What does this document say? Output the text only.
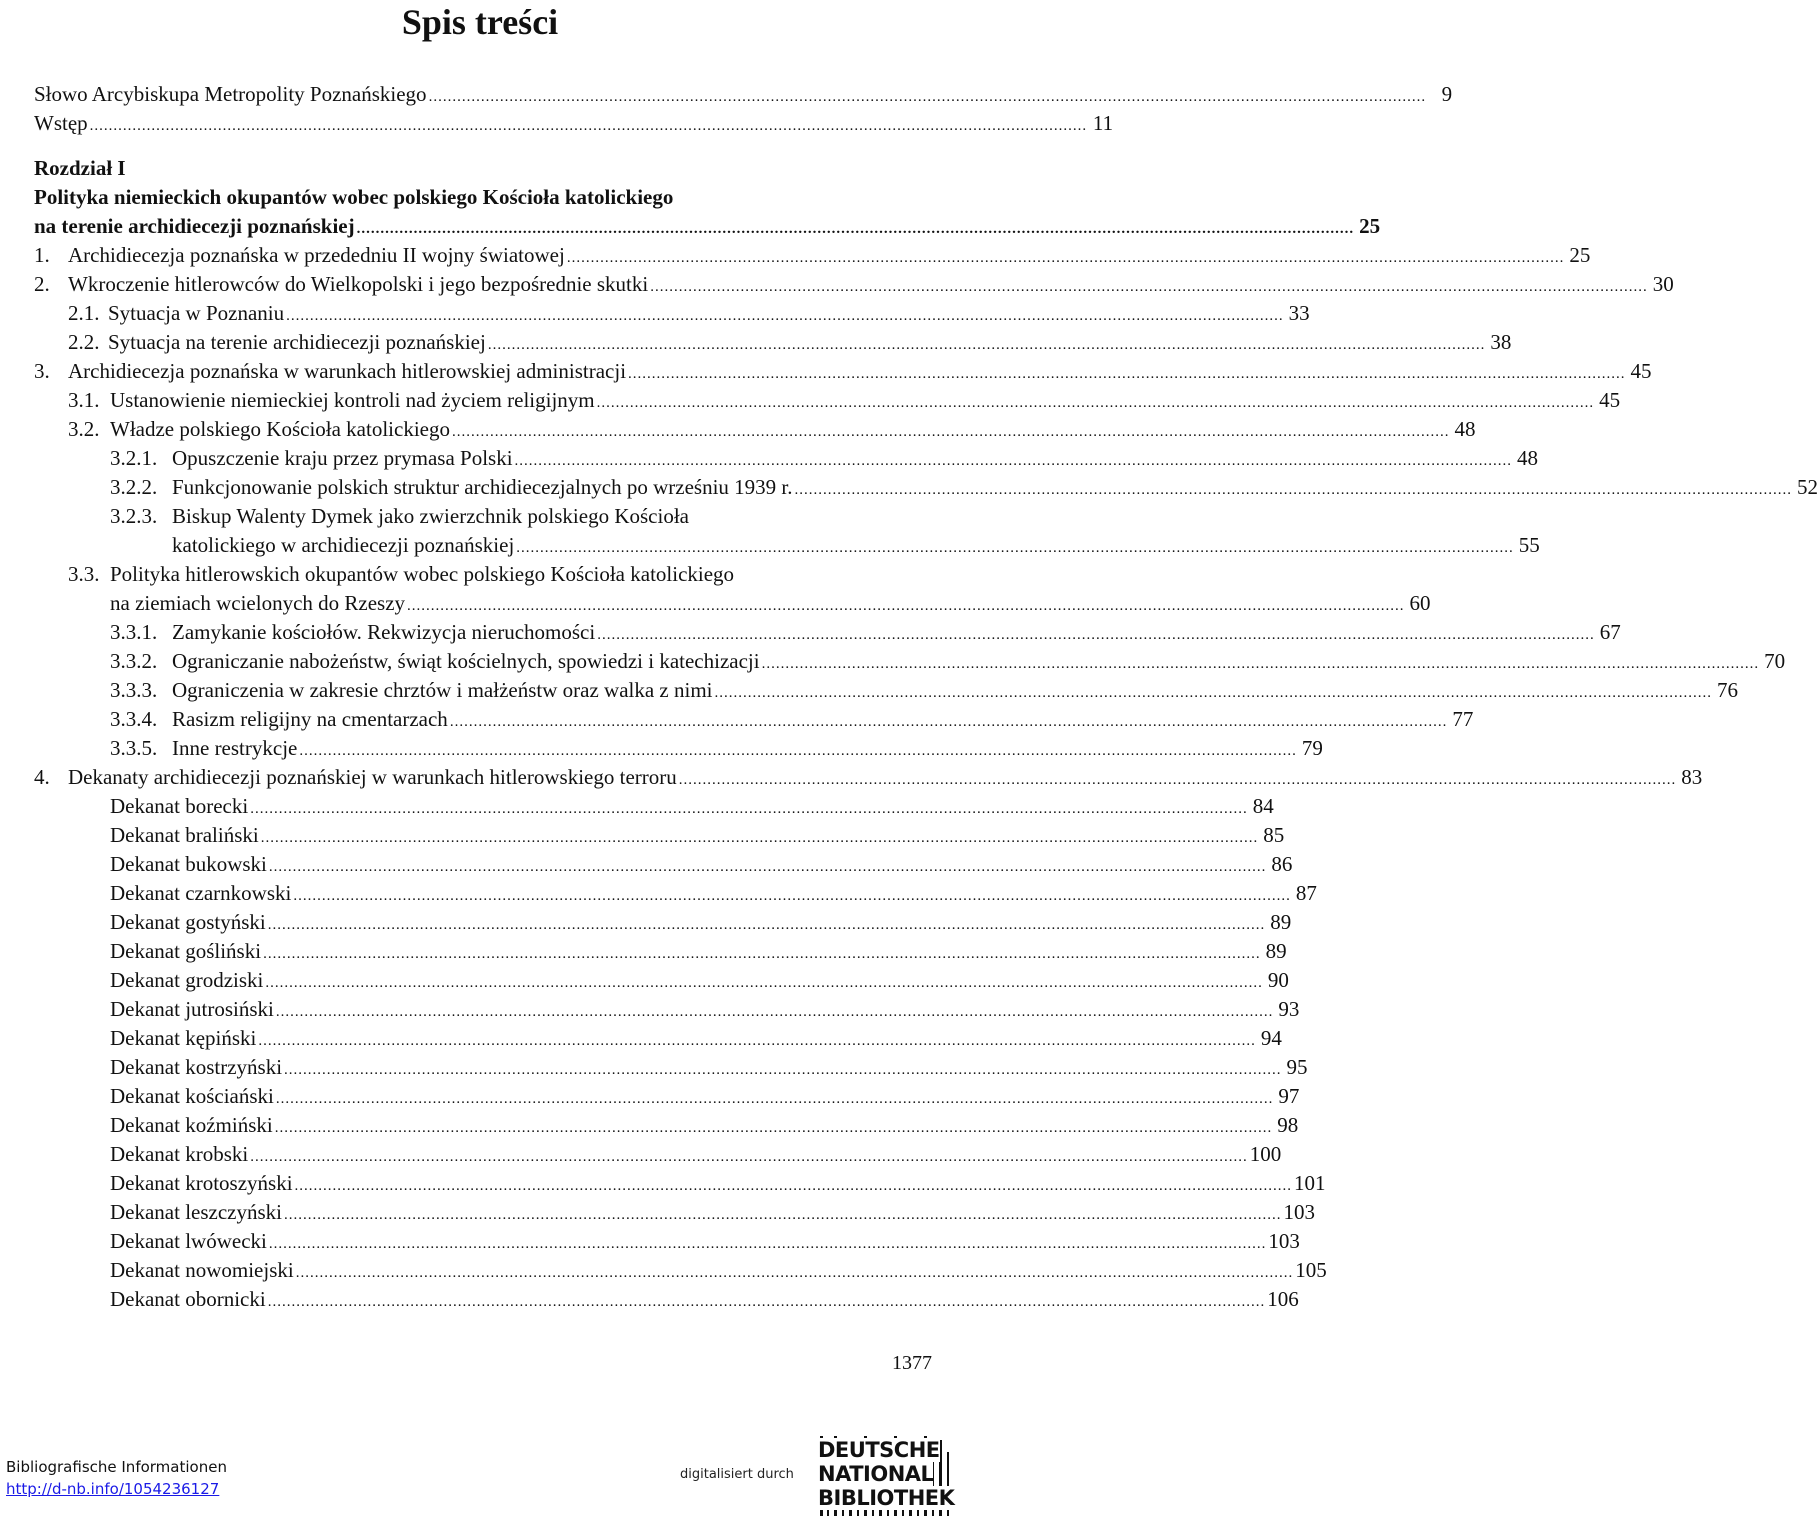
Spis treści
Słowo Arcybiskupa Metropolity Poznańskiego .....	9
Wstęp .....	11
Rozdział I
Polityka niemieckich okupantów wobec polskiego Kościoła katolickiego
na terenie archidiecezji poznańskiej .....	25
1. Archidiecezja poznańska w przededniu II wojny światowej .....	25
2. Wkroczenie hitlerowców do Wielkopolski i jego bezpośrednie skutki .....	30
2.1. Sytuacja w Poznaniu .....	33
2.2. Sytuacja na terenie archidiecezji poznańskiej .....	38
3. Archidiecezja poznańska w warunkach hitlerowskiej administracji .....	45
3.1. Ustanowienie niemieckiej kontroli nad życiem religijnym .....	45
3.2. Władze polskiego Kościoła katolickiego .....	48
3.2.1. Opuszczenie kraju przez prymasa Polski .....	48
3.2.2. Funkcjonowanie polskich struktur archidiecezjalnych po wrześniu 1939 r. .....	52
3.2.3. Biskup Walenty Dymek jako zwierzchnik polskiego Kościoła
katolickiego w archidiecezji poznańskiej .....	55
3.3. Polityka hitlerowskich okupantów wobec polskiego Kościoła katolickiego
na ziemiach wcielonych do Rzeszy .....	60
3.3.1. Zamykanie kościołów. Rekwizycja nieruchomości .....	67
3.3.2. Ograniczanie nabożeństw, świąt kościelnych, spowiedzi i katechizacji .....	70
3.3.3. Ograniczenia w zakresie chrztów i małżeństw oraz walka z nimi .....	76
3.3.4. Rasizm religijny na cmentarzach .....	77
3.3.5. Inne restrykcje .....	79
4. Dekanaty archidiecezji poznańskiej w warunkach hitlerowskiego terroru .....	83
Dekanat borecki .....	84
Dekanat braliński .....	85
Dekanat bukowski .....	86
Dekanat czarnkowski .....	87
Dekanat gostyński .....	89
Dekanat gośliński .....	89
Dekanat grodziski .....	90
Dekanat jutrosiński .....	93
Dekanat kępiński .....	94
Dekanat kostrzyński .....	95
Dekanat kościański .....	97
Dekanat koźmiński .....	98
Dekanat krobski .....	100
Dekanat krotoszyński .....	101
Dekanat leszczyński .....	103
Dekanat lwówecki .....	103
Dekanat nowomiejski .....	105
Dekanat obornicki .....	106
1377
Bibliografische Informationen
http://d-nb.info/1054236127
digitalisiert durch
DEUTSCHE NATIONAL BIBLIOTHEK
